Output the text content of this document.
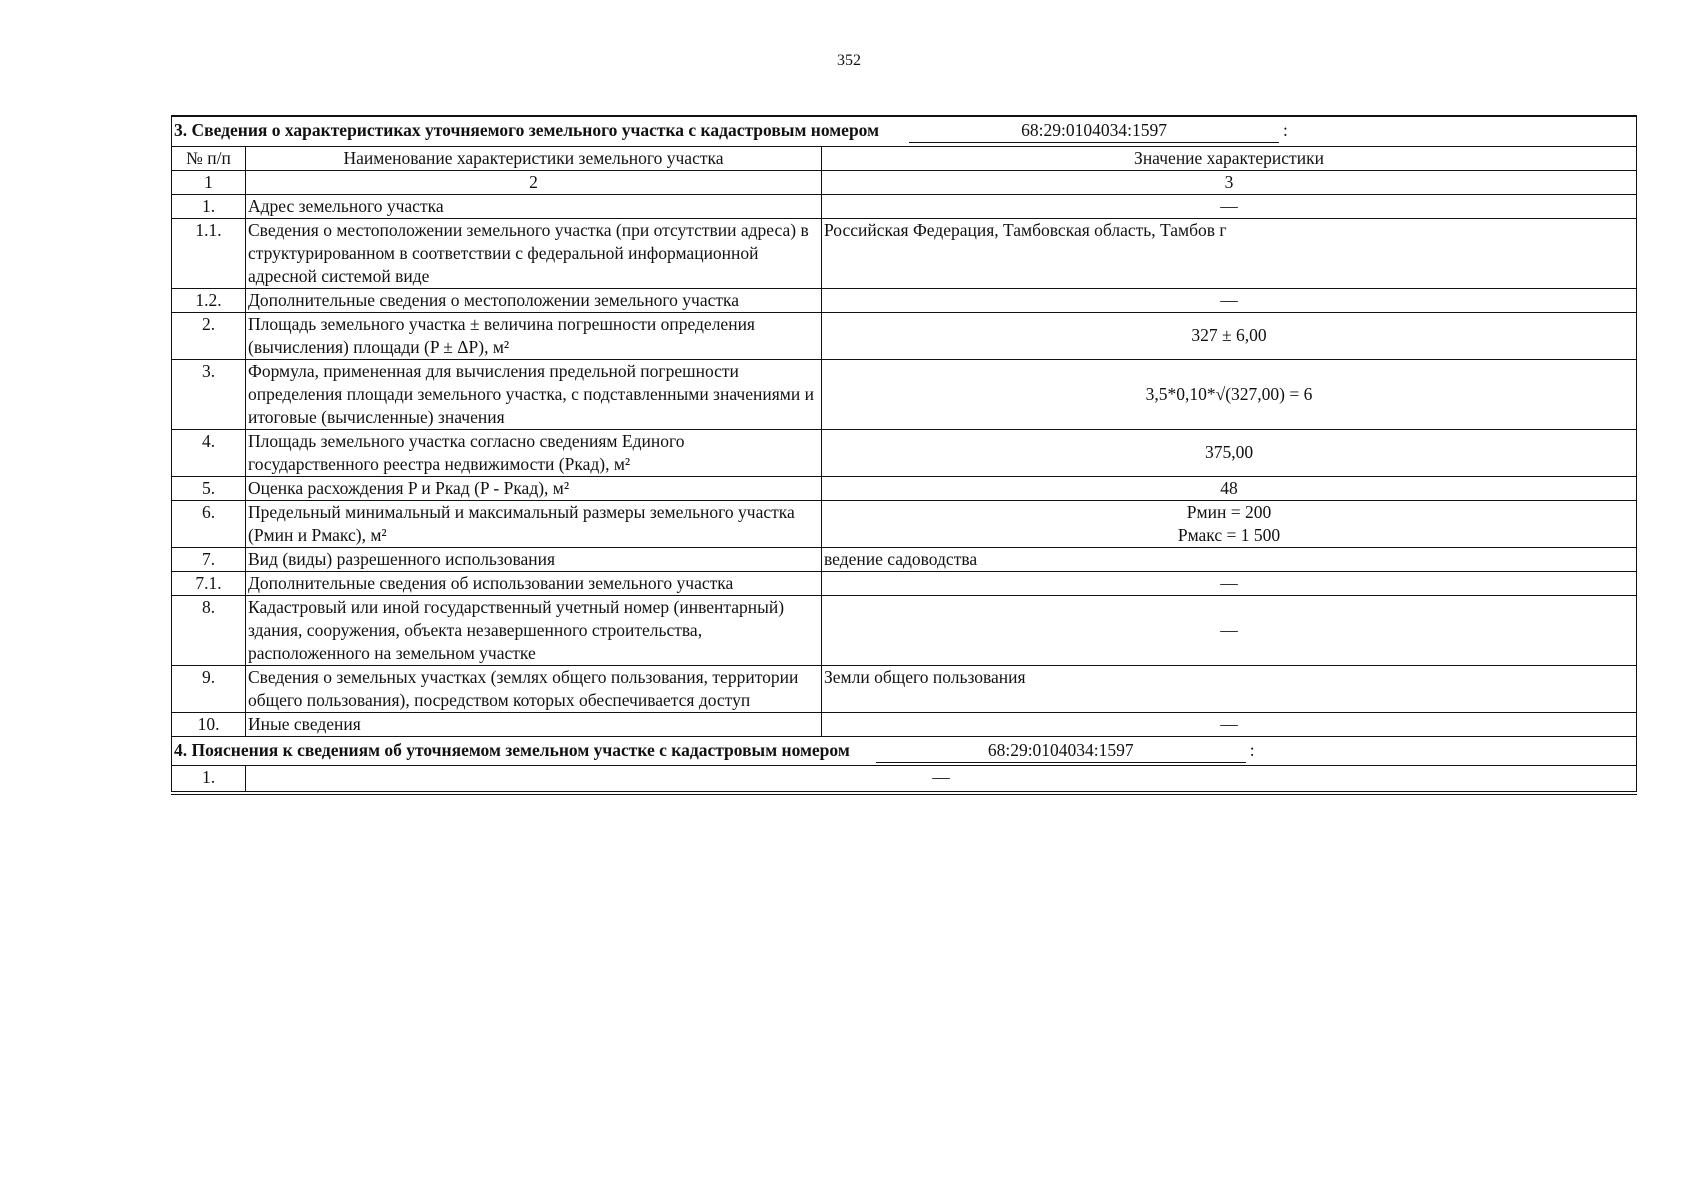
352
3. Сведения о характеристиках уточняемого земельного участка с кадастровым номером 68:29:0104034:1597 :		
№ п/п	Наименование характеристики земельного участка	Значение характеристики
1	2	3
1.	Адрес земельного участка	—
1.1.	Сведения о местоположении земельного участка (при отсутствии адреса) в структурированном в соответствии с федеральной информационной адресной системой виде	Российская Федерация, Тамбовская область, Тамбов г
1.2.	Дополнительные сведения о местоположении земельного участка	—
2.	Площадь земельного участка ± величина погрешности определения (вычисления) площади (P ± ΔP), м²	327 ± 6,00
3.	Формула, примененная для вычисления предельной погрешности определения площади земельного участка, с подставленными значениями и итоговые (вычисленные) значения	3,5*0,10*√(327,00) = 6
4.	Площадь земельного участка согласно сведениям Единого государственного реестра недвижимости (Ркад), м²	375,00
5.	Оценка расхождения P и Ркад (P - Ркад), м²	48
6.	Предельный минимальный и максимальный размеры земельного участка (Рмин и Рмакс), м²	Рмин = 200
Рмакс = 1 500

7.	Вид (виды) разрешенного использования	ведение садоводства
7.1.	Дополнительные сведения об использовании земельного участка	—
8.	Кадастровый или иной государственный учетный номер (инвентарный) здания, сооружения, объекта незавершенного строительства, расположенного на земельном участке	—
9.	Сведения о земельных участках (землях общего пользования, территории общего пользования), посредством которых обеспечивается доступ	Земли общего пользования
10.	Иные сведения	—
4. Пояснения к сведениям об уточняемом земельном участке с кадастровым номером 68:29:0104034:1597 :		
1.	—	
